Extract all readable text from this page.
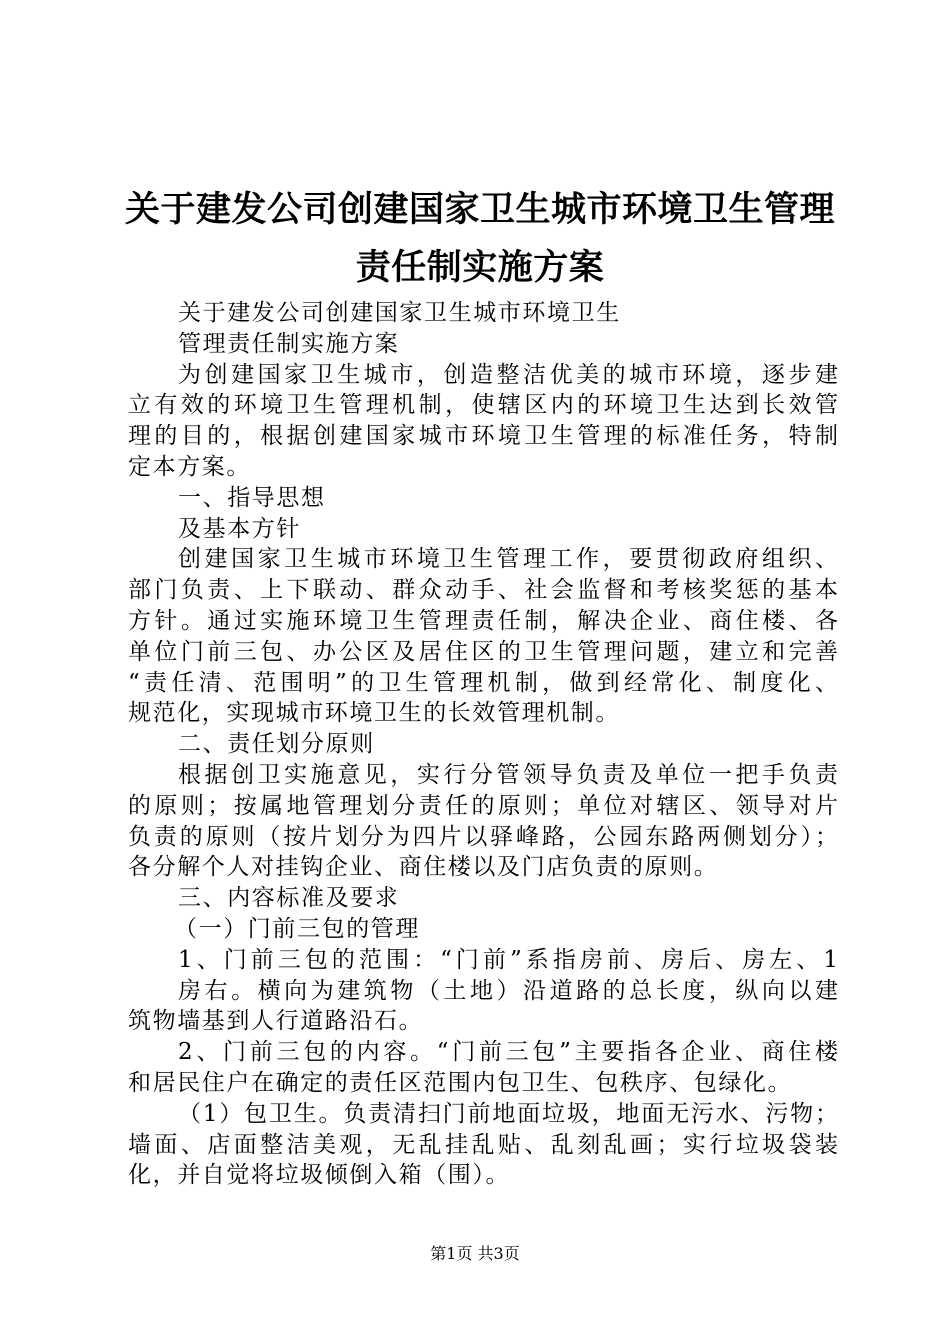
关于建发公司创建国家卫生城市环境卫生管理
责任制实施方案
关于建发公司创建国家卫生城市环境卫生
管理责任制实施方案
为创建国家卫生城市，创造整洁优美的城市环境，逐步建
立有效的环境卫生管理机制，使辖区内的环境卫生达到长效管
理的目的，根据创建国家城市环境卫生管理的标准任务，特制
定本方案。
一、指导思想
及基本方针
创建国家卫生城市环境卫生管理工作，要贯彻政府组织、
部门负责、上下联动、群众动手、社会监督和考核奖惩的基本
方针。通过实施环境卫生管理责任制，解决企业、商住楼、各
单位门前三包、办公区及居住区的卫生管理问题，建立和完善
“责任清、范围明”的卫生管理机制，做到经常化、制度化、
规范化，实现城市环境卫生的长效管理机制。
二、责任划分原则
根据创卫实施意见，实行分管领导负责及单位一把手负责
的原则；按属地管理划分责任的原则；单位对辖区、领导对片
负责的原则（按片划分为四片以驿峰路，公园东路两侧划分）；
各分解个人对挂钩企业、商住楼以及门店负责的原则。
三、内容标准及要求
（一）门前三包的管理
1、门前三包的范围：“门前”系指房前、房后、房左、1
房右。横向为建筑物（土地）沿道路的总长度，纵向以建
筑物墙基到人行道路沿石。
2、门前三包的内容。“门前三包”主要指各企业、商住楼
和居民住户在确定的责任区范围内包卫生、包秩序、包绿化。
（1）包卫生。负责清扫门前地面垃圾，地面无污水、污物；
墙面、店面整洁美观，无乱挂乱贴、乱刻乱画；实行垃圾袋装
化，并自觉将垃圾倾倒入箱（围）。
第1页 共3页
